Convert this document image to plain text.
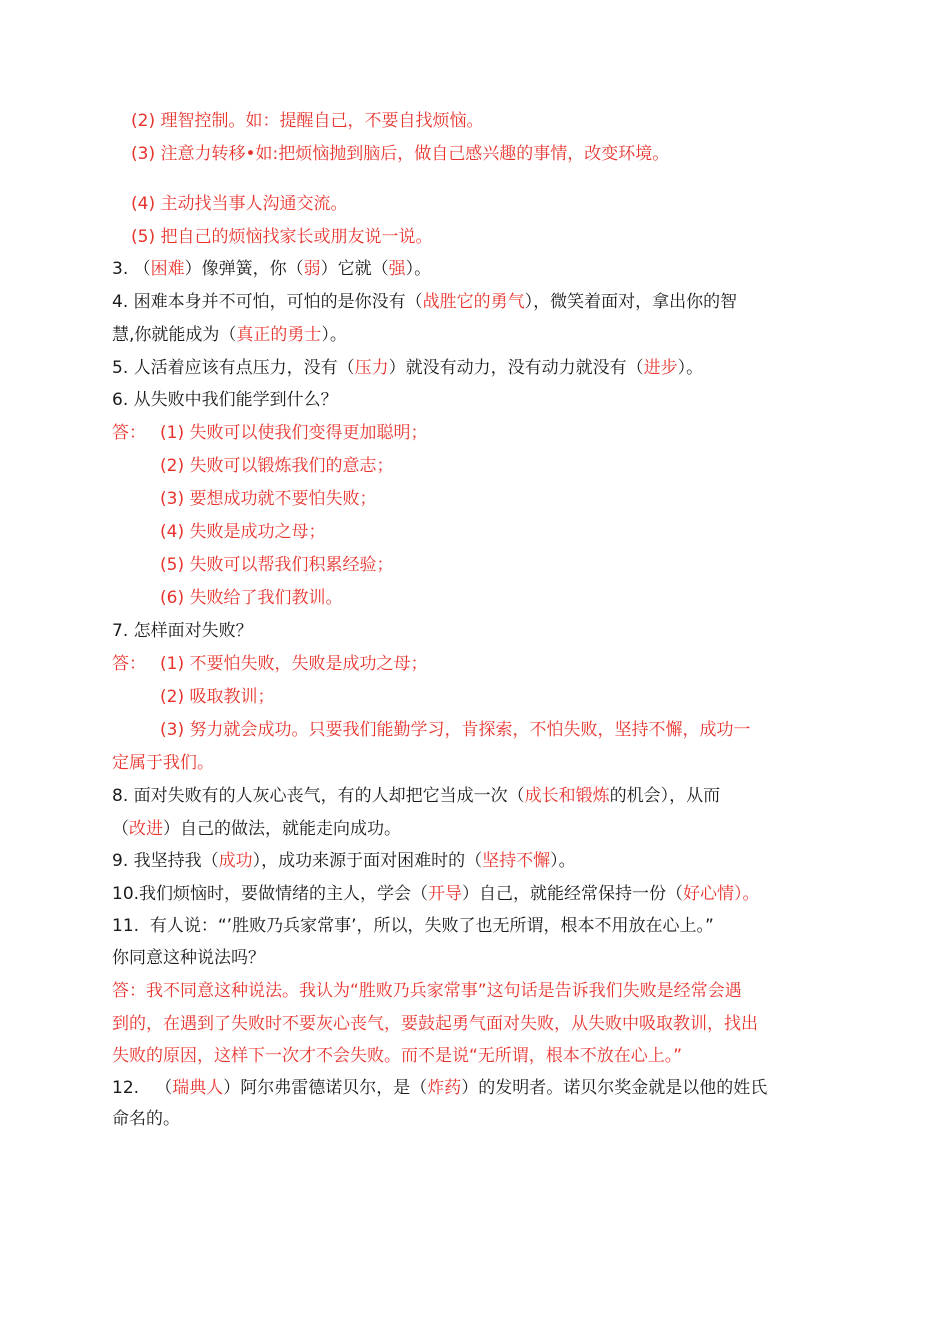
(2) 理智控制。如：提醒自己，不要自找烦恼。
(3) 注意力转移•如:把烦恼抛到脑后，做自己感兴趣的事情，改变环境。
(4) 主动找当事人沟通交流。
(5) 把自己的烦恼找家长或朋友说一说。
3. （困难）像弹簧，你（弱）它就（强）。
4. 困难本身并不可怕，可怕的是你没有（战胜它的勇气），微笑着面对，拿出你的智
慧,你就能成为（真正的勇士）。
5. 人活着应该有点压力，没有（压力）就没有动力，没有动力就没有（进步）。
6. 从失败中我们能学到什么？
答： (1) 失败可以使我们变得更加聪明；
(2) 失败可以锻炼我们的意志；
(3) 要想成功就不要怕失败；
(4) 失败是成功之母；
(5) 失败可以帮我们积累经验；
(6) 失败给了我们教训。
7. 怎样面对失败？
答： (1) 不要怕失败，失败是成功之母；
(2) 吸取教训；
(3) 努力就会成功。只要我们能勤学习，肯探索，不怕失败，坚持不懈，成功一
定属于我们。
8. 面对失败有的人灰心丧气，有的人却把它当成一次（成长和锻炼的机会），从而
（改进）自己的做法，就能走向成功。
9. 我坚持我（成功），成功来源于面对困难时的（坚持不懈）。
10.我们烦恼时，要做情绪的主人，学会（开导）自己，就能经常保持一份（好心情）。
11. 有人说：“’胜败乃兵家常事’，所以，失败了也无所谓，根本不用放在心上。”
你同意这种说法吗？
答：我不同意这种说法。我认为“胜败乃兵家常事”这句话是告诉我们失败是经常会遇
到的，在遇到了失败时不要灰心丧气，要鼓起勇气面对失败，从失败中吸取教训，找出
失败的原因，这样下一次才不会失败。而不是说“无所谓，根本不放在心上。”
12. （瑞典人）阿尔弗雷德诺贝尔，是（炸药）的发明者。诺贝尔奖金就是以他的姓氏
命名的。
